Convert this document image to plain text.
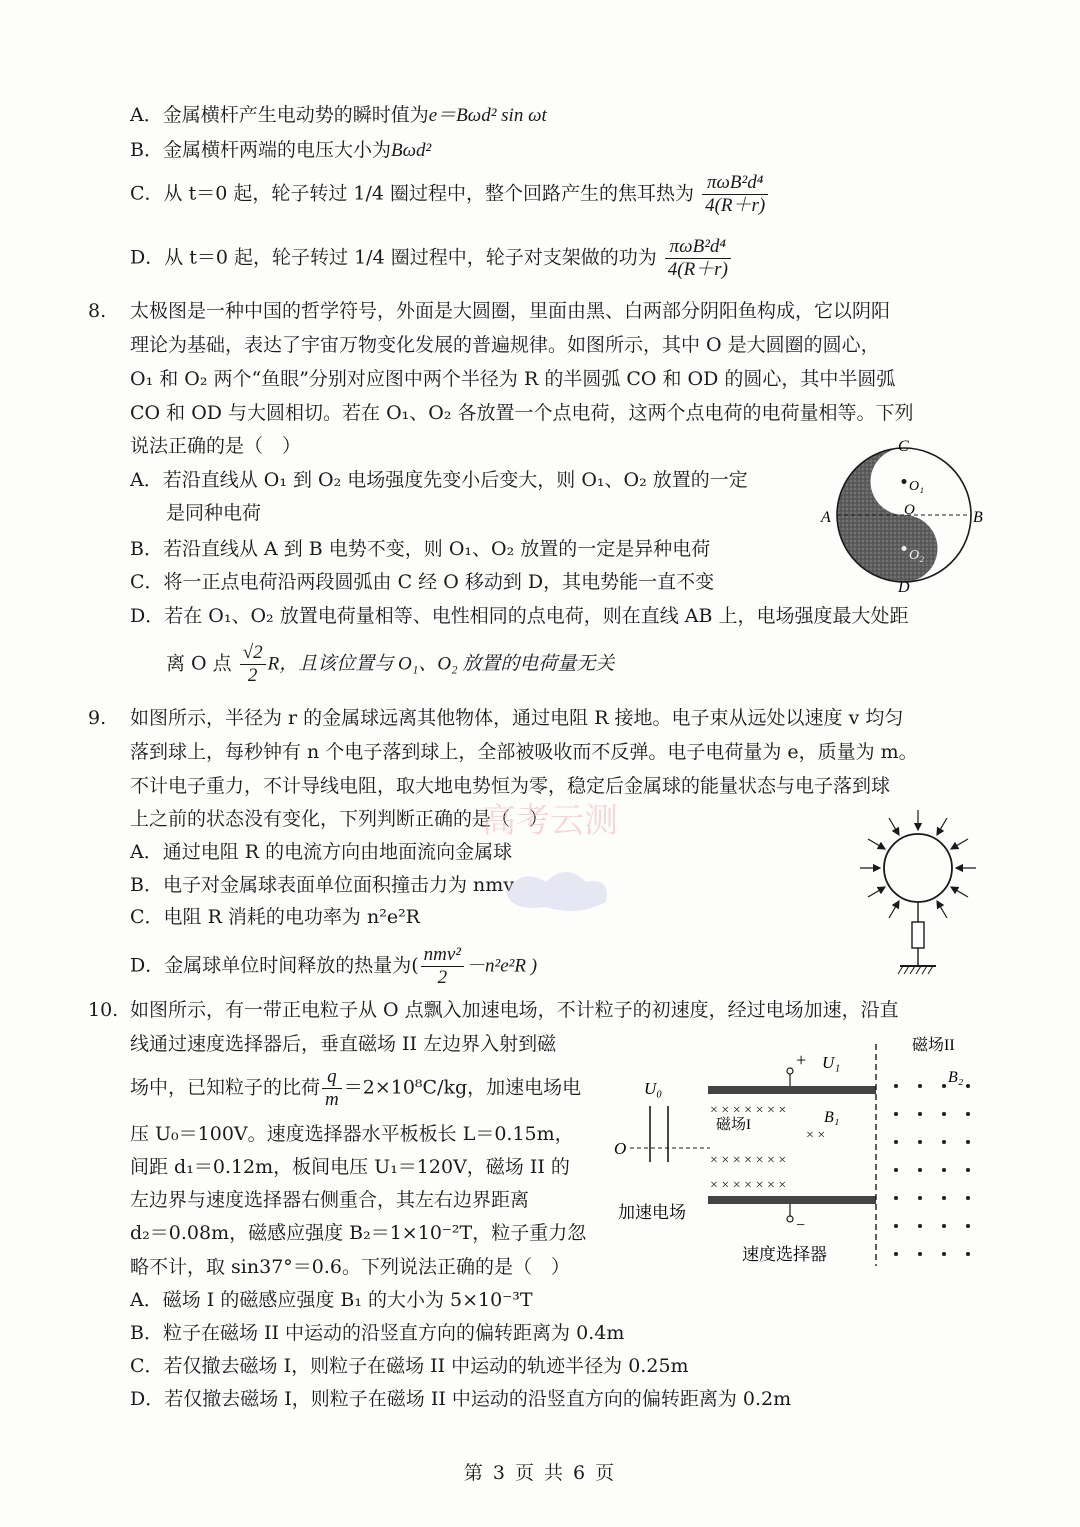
A．金属横杆产生电动势的瞬时值为e＝Bωd² sin ωt
B．金属横杆两端的电压大小为Bωd²
C．从 t＝0 起，轮子转过 1/4 圈过程中，整个回路产生的焦耳热为 $\frac{\text{πωB²d⁴}}{4(R+r)}$
D．从 t＝0 起，轮子转过 1/4 圈过程中，轮子对支架做的功为 $\frac{\text{πωB²d⁴}}{4(R+r)}$
8. 太极图是一种中国的哲学符号，外面是大圆圈，里面由黑、白两部分阴阳鱼构成，它以阴阳
理论为基础，表达了宇宙万物变化发展的普遍规律。如图所示，其中 O 是大圆圈的圆心，
O₁ 和 O₂ 两个“鱼眼”分别对应图中两个半径为 R 的半圆弧 CO 和 OD 的圆心，其中半圆弧
CO 和 OD 与大圆相切。若在 O₁、O₂ 各放置一个点电荷，这两个点电荷的电荷量相等。下列
说法正确的是（　）
A．若沿直线从 O₁ 到 O₂ 电场强度先变小后变大，则 O₁、O₂ 放置的一定
是同种电荷
B．若沿直线从 A 到 B 电势不变，则 O₁、O₂ 放置的一定是异种电荷
C．将一正点电荷沿两段圆弧由 C 经 O 移动到 D，其电势能一直不变
D．若在 O₁、O₂ 放置电荷量相等、电性相同的点电荷，则在直线 AB 上，电场强度最大处距
离 O 点 $\frac{√2}{2}$ R，且该位置与 O₁、O₂ 放置的电荷量无关
C
A	B
D
O
O₁
O₂
9. 如图所示，半径为 r 的金属球远离其他物体，通过电阻 R 接地。电子束从远处以速度 v 均匀
落到球上，每秒钟有 n 个电子落到球上，全部被吸收而不反弹。电子电荷量为 e，质量为 m。
不计电子重力，不计导线电阻，取大地电势恒为零，稳定后金属球的能量状态与电子落到球
上之前的状态没有变化，下列判断正确的是（　）
A．通过电阻 R 的电流方向由地面流向金属球
B．电子对金属球表面单位面积撞击力为 nmv
C．电阻 R 消耗的电功率为 n²e²R
D．金属球单位时间释放的热量为( $\frac{\text{nmv²}}{2} -n^2e^2R$ )
高考云测
10. 如图所示，有一带正电粒子从 O 点飘入加速电场，不计粒子的初速度，经过电场加速，沿直
线通过速度选择器后，垂直磁场 II 左边界入射到磁
场中，已知粒子的比荷 $\frac{q}{m} =2\times 10^8C/kg$，加速电场电
压 U₀＝100V。速度选择器水平板板长 L＝0.15m，
间距 d₁＝0.12m，板间电压 U₁＝120V，磁场 II 的
左边界与速度选择器右侧重合，其左右边界距离
d₂＝0.08m，磁感应强度 B₂＝1×10⁻²T，粒子重力忽
略不计，取 sin37°＝0.6。下列说法正确的是（　）
A．磁场 I 的磁感应强度 B₁ 的大小为 5×10⁻³T
B．粒子在磁场 II 中运动的沿竖直方向的偏转距离为 0.4m
C．若仅撤去磁场 I，则粒子在磁场 II 中运动的轨迹半径为 0.25m
D．若仅撤去磁场 I，则粒子在磁场 II 中运动的沿竖直方向的偏转距离为 0.2m
× × × × × × ×
× × × × × × ×
× × × × × × ×
× ×
磁场II
+ U₁
U₀
B₂
磁场I	B₁
O
加速电场
−
速度选择器
第 3 页 共 6 页
